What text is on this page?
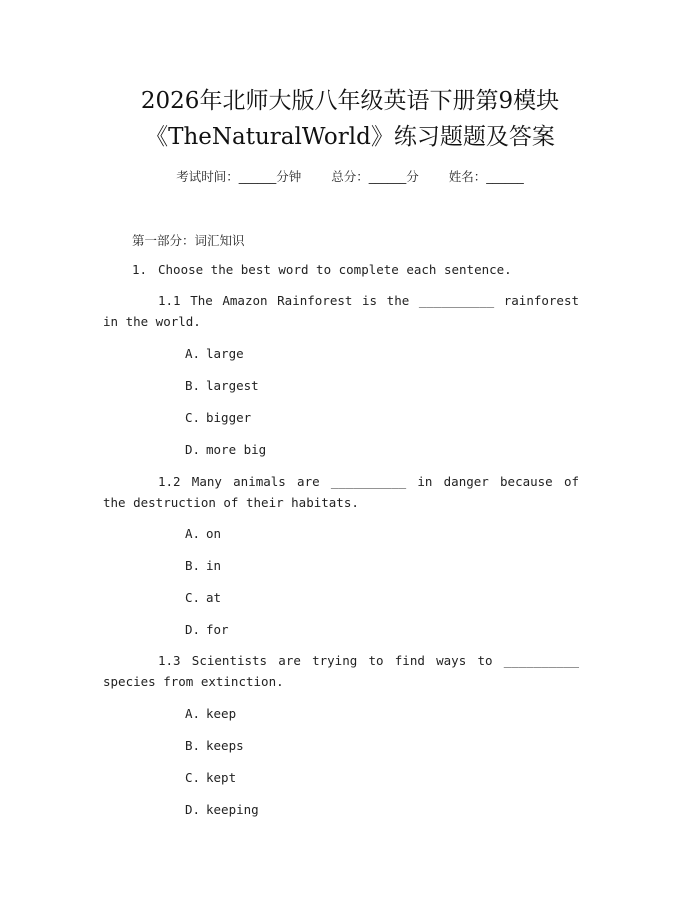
2026年北师大版八年级英语下册第9模块
《TheNaturalWorld》练习题题及答案
考试时间：______分钟 总分：______分 姓名：______
第一部分：词汇知识
1. Choose the best word to complete each sentence.
1.1 The Amazon Rainforest is the __________ rainforest in the world.
A. large
B. largest
C. bigger
D. more big
1.2 Many animals are __________ in danger because of the destruction of their habitats.
A. on
B. in
C. at
D. for
1.3 Scientists are trying to find ways to __________ species from extinction.
A. keep
B. keeps
C. kept
D. keeping
